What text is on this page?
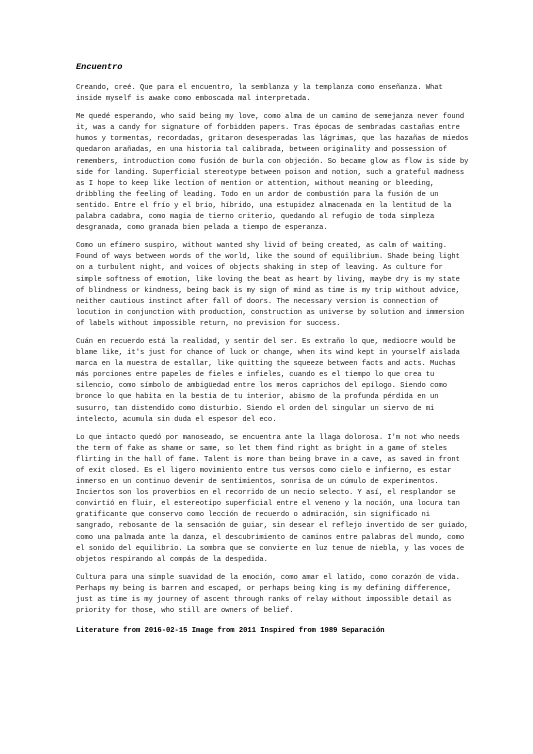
Encuentro

Creando, creé. Que para el encuentro, la semblanza y la templanza como enseñanza. What inside myself is awake como emboscada mal interpretada.

Me quedé esperando, who said being my love, como alma de un camino de semejanza never found it, was a candy for signature of forbidden papers. Tras épocas de sembradas castañas entre humos y tormentas, recordadas, gritaron desesperadas las lágrimas, que las hazañas de miedos quedaron arañadas, en una historia tal calibrada, between originality and possession of remembers, introduction como fusión de burla con objeción. So became glow as flow is side by side for landing. Superficial stereotype between poison and notion, such a grateful madness as I hope to keep like lection of mention or attention, without meaning or bleeding, dribbling the feeling of leading. Todo en un ardor de combustión para la fusión de un sentido. Entre el frío y el brío, híbrido, una estupidez almacenada en la lentitud de la palabra cadabra, como magia de tierno criterio, quedando al refugio de toda simpleza desgranada, como granada bien pelada a tiempo de esperanza.

Como un efímero suspiro, without wanted shy livid of being created, as calm of waiting. Found of ways between words of the world, like the sound of equilibrium. Shade being light on a turbulent night, and voices of objects shaking in step of leaving. As culture for simple softness of emotion, like loving the beat as heart by living, maybe dry is my state of blindness or kindness, being back is my sign of mind as time is my trip without advice, neither cautious instinct after fall of doors. The necessary version is connection of locution in conjunction with production, construction as universe by solution and immersion of labels without impossible return, no prevision for success.

Cuán en recuerdo está la realidad, y sentir del ser. Es extraño lo que, mediocre would be blame like, it's just for chance of luck or change, when its wind kept in yourself aislada marca en la muestra de estallar, like quitting the squeeze between facts and acts. Muchas más porciones entre papeles de fieles e infieles, cuando es el tiempo lo que crea tu silencio, como símbolo de ambigüedad entre los meros caprichos del epílogo. Siendo como bronce lo que habita en la bestia de tu interior, abismo de la profunda pérdida en un susurro, tan distendido como disturbio. Siendo el orden del singular un siervo de mi intelecto, acumula sin duda el espesor del eco.

Lo que intacto quedó por manoseado, se encuentra ante la llaga dolorosa. I'm not who needs the term of fake as shame or same, so let them find right as bright in a game of steles flirting in the hall of fame. Talent is more than being brave in a cave, as saved in front of exit closed. Es el ligero movimiento entre tus versos como cielo e infierno, es estar inmerso en un continuo devenir de sentimientos, sonrisa de un cúmulo de experimentos. Inciertos son los proverbios en el recorrido de un necio selecto. Y así, el resplandor se convirtió en fluir, el estereotipo superficial entre el veneno y la noción, una locura tan gratificante que conservo como lección de recuerdo o admiración, sin significado ni sangrado, rebosante de la sensación de guiar, sin desear el reflejo invertido de ser guiado, como una palmada ante la danza, el descubrimiento de caminos entre palabras del mundo, como el sonido del equilibrio. La sombra que se convierte en luz tenue de niebla, y las voces de objetos respirando al compás de la despedida.

Cultura para una simple suavidad de la emoción, como amar el latido, como corazón de vida. Perhaps my being is barren and escaped, or perhaps being king is my defining difference, just as time is my journey of ascent through ranks of relay without impossible detail as priority for those, who still are owners of belief.

Literature from 2016-02-15 Image from 2011 Inspired from 1989 Separación
